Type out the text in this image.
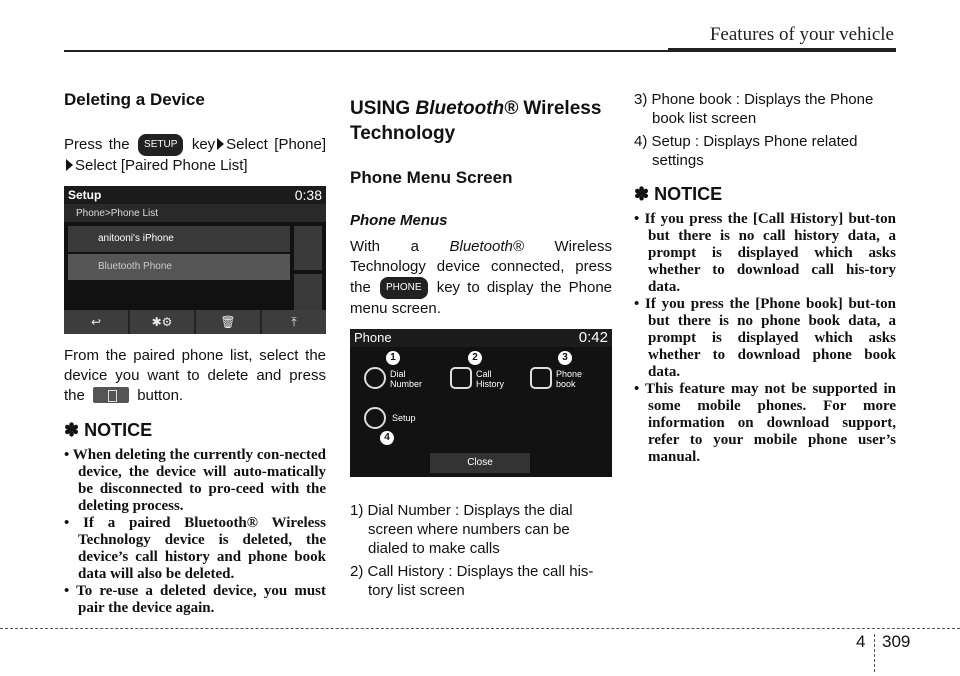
Features of your vehicle
Deleting a Device

Press the SETUP key Select [Phone]Select [Paired Phone List]

Setup	0:38
Phone>Phone List
anitooni's iPhone
Bluetooth Phone
↩	✱⚙	🗑	⤒

From the paired phone list, select the device you want to delete and press the	button.

✽ NOTICE
• When deleting the currently con-nected device, the device will auto-matically be disconnected to pro-ceed with the deleting process.
• If a paired Bluetooth® Wireless Technology device is deleted, the device’s call history and phone book data will also be deleted.
• To re-use a deleted device, you must pair the device again.
USING Bluetooth® Wireless Technology
Phone Menu Screen
Phone Menus

With a Bluetooth® Wireless Technology device connected, press the PHONE key to display the Phone menu screen.

Phone	0:42
Dial Number
Call History
Phone book
Setup
1	2	3
4
Close
1) Dial Number : Displays the dial screen where numbers can be dialed to make calls
2) Call History : Displays the call his-tory list screen
3) Phone book : Displays the Phone book list screen
4) Setup : Displays Phone related settings
✽ NOTICE
• If you press the [Call History] but-ton but there is no call history data, a prompt is displayed which asks whether to download call his-tory data.
• If you press the [Phone book] but-ton but there is no phone book data, a prompt is displayed which asks whether to download phone book data.
• This feature may not be supported in some mobile phones. For more information on download support, refer to your mobile phone user’s manual.
4 309
